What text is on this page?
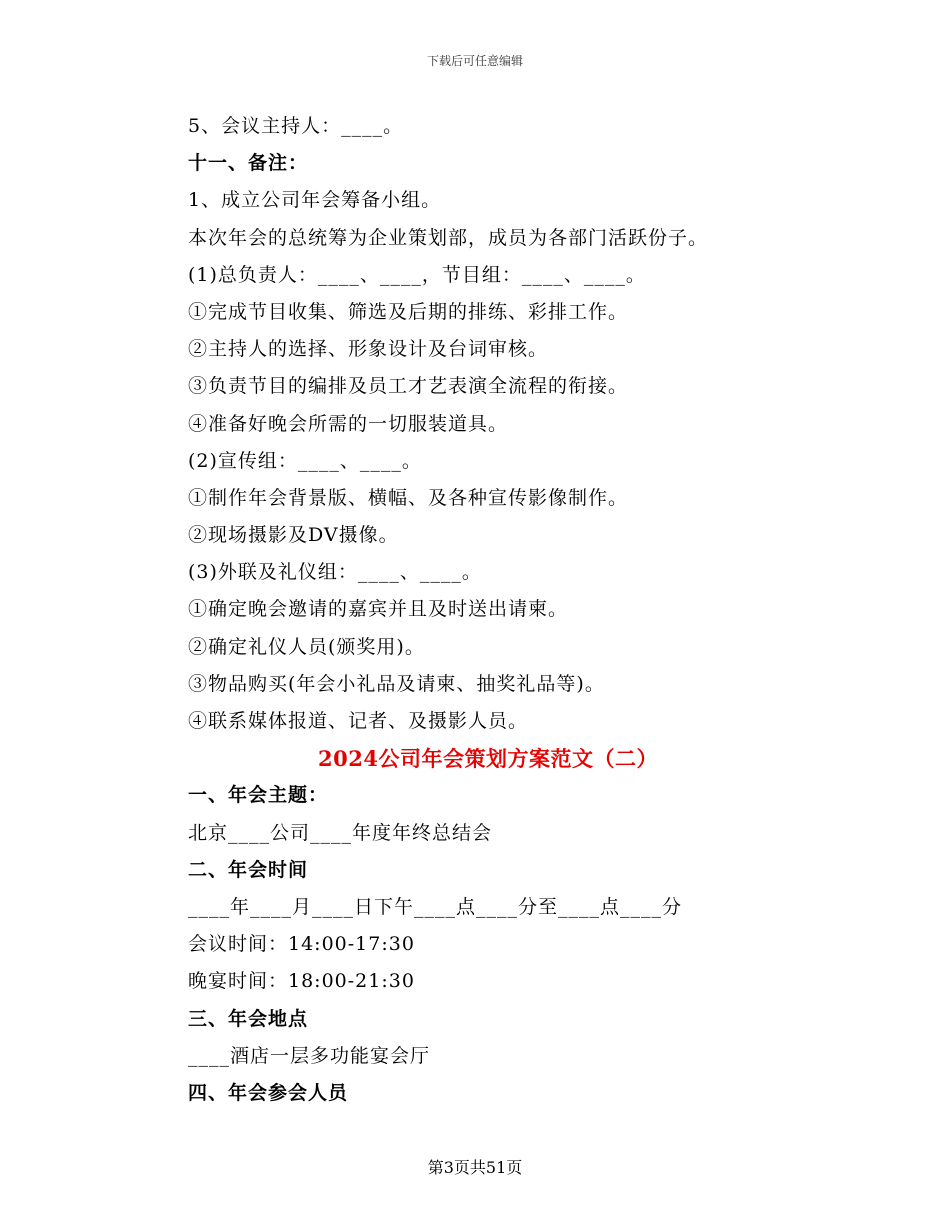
下载后可任意编辑
5、会议主持人：____。
十一、备注：
1、成立公司年会筹备小组。
本次年会的总统筹为企业策划部，成员为各部门活跃份子。
(1)总负责人：____、____，节目组：____、____。
①完成节目收集、筛选及后期的排练、彩排工作。
②主持人的选择、形象设计及台词审核。
③负责节目的编排及员工才艺表演全流程的衔接。
④准备好晚会所需的一切服装道具。
(2)宣传组：____、____。
①制作年会背景版、横幅、及各种宣传影像制作。
②现场摄影及DV摄像。
(3)外联及礼仪组：____、____。
①确定晚会邀请的嘉宾并且及时送出请柬。
②确定礼仪人员(颁奖用)。
③物品购买(年会小礼品及请柬、抽奖礼品等)。
④联系媒体报道、记者、及摄影人员。
2024公司年会策划方案范文（二）
一、年会主题：
北京____公司____年度年终总结会
二、年会时间
____年____月____日下午____点____分至____点____分
会议时间：14:00-17:30
晚宴时间：18:00-21:30
三、年会地点
____酒店一层多功能宴会厅
四、年会参会人员
第3页共51页
